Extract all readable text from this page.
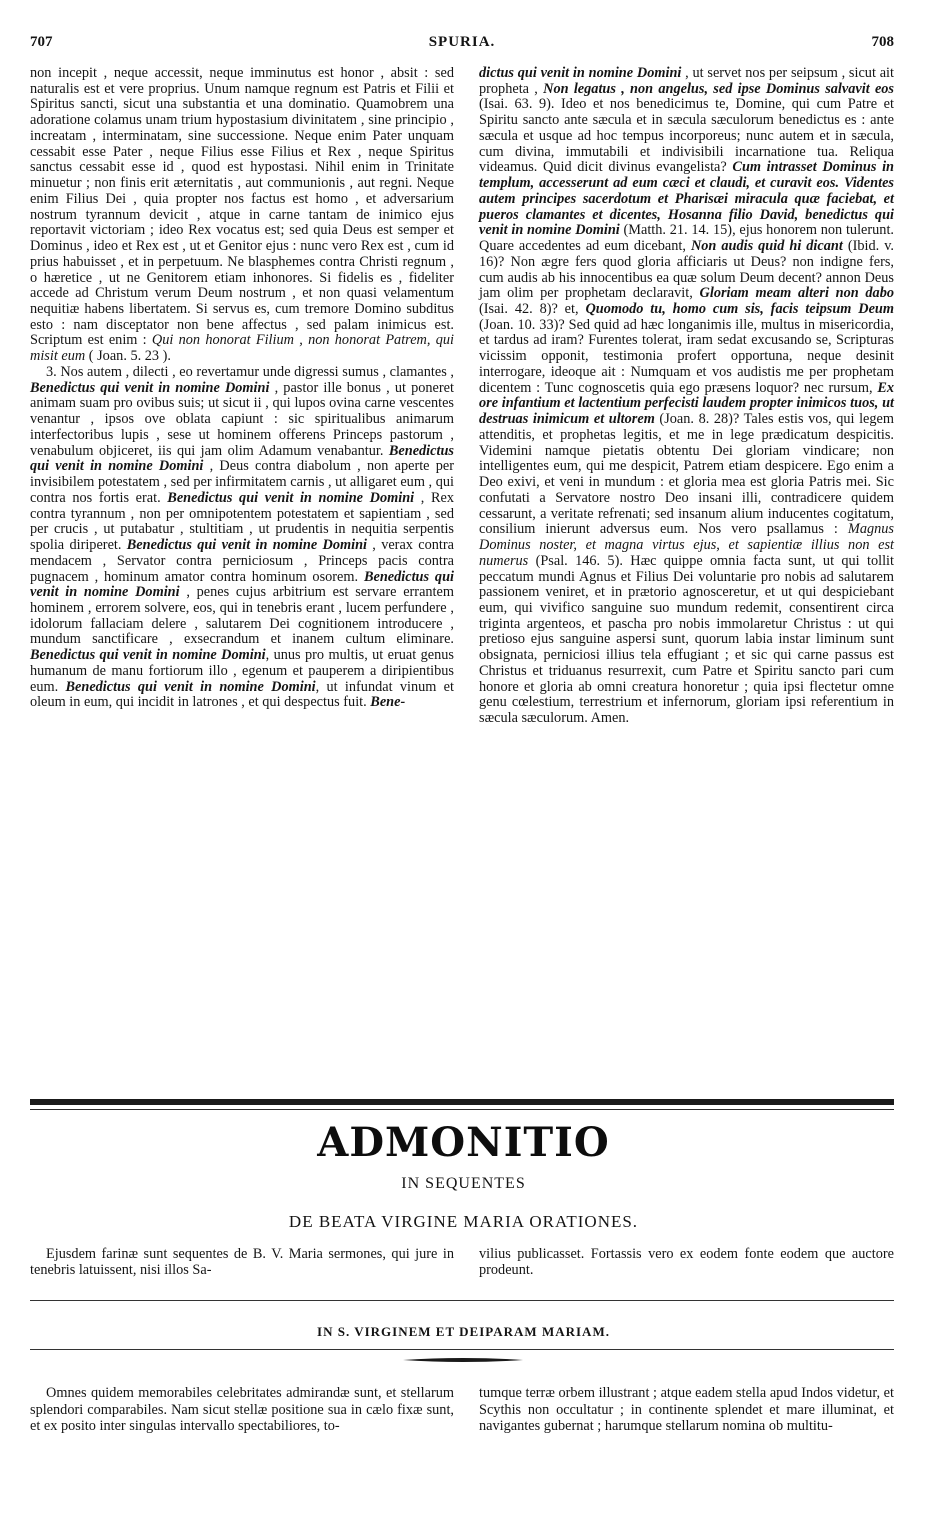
707	SPURIA.	708

non incepit , neque accessit, neque imminutus est honor , absit : sed naturalis est et vere proprius. Unum namque regnum est Patris et Filii et Spiritus sancti, sicut una substantia et una dominatio. Quamobrem una adoratione colamus unam trium hypostasium divinitatem , sine principio , increatam , interminatam, sine successione. Neque enim Pater unquam cessabit esse Pater , neque Filius esse Filius et Rex , neque Spiritus sanctus cessabit esse id , quod est hypostasi. Nihil enim in Trinitate minuetur ; non finis erit æternitatis , aut communionis , aut regni. Neque enim Filius Dei , quia propter nos factus est homo , et adversarium nostrum tyrannum devicit , atque in carne tantam de inimico ejus reportavit victoriam ; ideo Rex vocatus est; sed quia Deus est semper et Dominus , ideo et Rex est , ut et Genitor ejus : nunc vero Rex est , cum id prius habuisset , et in perpetuum. Ne blasphemes contra Christi regnum , o hæretice , ut ne Genitorem etiam inhonores. Si fidelis es , fideliter accede ad Christum verum Deum nostrum , et non quasi velamentum nequitiæ habens libertatem. Si servus es, cum tremore Domino subditus esto : nam disceptator non bene affectus , sed palam inimicus est. Scriptum est enim : Qui non honorat Filium , non honorat Patrem, qui misit eum ( Joan. 5. 23 ).

3. Nos autem , dilecti , eo revertamur unde digressi sumus , clamantes , Benedictus qui venit in nomine Domini , pastor ille bonus , ut poneret animam suam pro ovibus suis; ut sicut ii , qui lupos ovina carne vescentes venantur , ipsos ove oblata capiunt : sic spiritualibus animarum interfectoribus lupis , sese ut hominem offerens Princeps pastorum , venabulum objiceret, iis qui jam olim Adamum venabantur. Benedictus qui venit in nomine Domini , Deus contra diabolum , non aperte per invisibilem potestatem , sed per infirmitatem carnis , ut alligaret eum , qui contra nos fortis erat. Benedictus qui venit in nomine Domini , Rex contra tyrannum , non per omnipotentem potestatem et sapientiam , sed per crucis , ut putabatur , stultitiam , ut prudentis in nequitia serpentis spolia diriperet. Benedictus qui venit in nomine Domini , verax contra mendacem , Servator contra perniciosum , Princeps pacis contra pugnacem , hominum amator contra hominum osorem. Benedictus qui venit in nomine Domini , penes cujus arbitrium est servare errantem hominem , errorem solvere, eos, qui in tenebris erant , lucem perfundere , idolorum fallaciam delere , salutarem Dei cognitionem introducere , mundum sanctificare , exsecrandum et inanem cultum eliminare. Benedictus qui venit in nomine Domini, unus pro multis, ut eruat genus humanum de manu fortiorum illo , egenum et pauperem a diripientibus eum. Benedictus qui venit in nomine Domini, ut infundat vinum et oleum in eum, qui incidit in latrones , et qui despectus fuit. Bene-

dictus qui venit in nomine Domini , ut servet nos per seipsum , sicut ait propheta , Non legatus , non angelus, sed ipse Dominus salvavit eos (Isai. 63. 9). Ideo et nos benedicimus te, Domine, qui cum Patre et Spiritu sancto ante sæcula et in sæcula sæculorum benedictus es : ante sæcula et usque ad hoc tempus incorporeus; nunc autem et in sæcula, cum divina, immutabili et indivisibili incarnatione tua. Reliqua videamus. Quid dicit divinus evangelista? Cum intrasset Dominus in templum, accesserunt ad eum cæci et claudi, et curavit eos. Videntes autem principes sacerdotum et Pharisæi miracula quæ faciebat, et pueros clamantes et dicentes, Hosanna filio David, benedictus qui venit in nomine Domini (Matth. 21. 14. 15), ejus honorem non tulerunt. Quare accedentes ad eum dicebant, Non audis quid hi dicant (Ibid. v. 16)? Non ægre fers quod gloria afficiaris ut Deus? non indigne fers, cum audis ab his innocentibus ea quæ solum Deum decent? annon Deus jam olim per prophetam declaravit, Gloriam meam alteri non dabo (Isai. 42. 8)? et, Quomodo tu, homo cum sis, facis teipsum Deum (Joan. 10. 33)? Sed quid ad hæc longanimis ille, multus in misericordia, et tardus ad iram? Furentes tolerat, iram sedat excusando se, Scripturas vicissim opponit, testimonia profert opportuna, neque desinit interrogare, ideoque ait : Numquam et vos audistis me per prophetam dicentem : Tunc cognoscetis quia ego præsens loquor? nec rursum, Ex ore infantium et lactentium perfecisti laudem propter inimicos tuos, ut destruas inimicum et ultorem (Joan. 8. 28)? Tales estis vos, qui legem attenditis, et prophetas legitis, et me in lege prædicatum despicitis. Videmini namque pietatis obtentu Dei gloriam vindicare; non intelligentes eum, qui me despicit, Patrem etiam despicere. Ego enim a Deo exivi, et veni in mundum : et gloria mea est gloria Patris mei. Sic confutati a Servatore nostro Deo insani illi, contradicere quidem cessarunt, a veritate refrenati; sed insanum alium inducentes cogitatum, consilium inierunt adversus eum. Nos vero psallamus : Magnus Dominus noster, et magna virtus ejus, et sapientiæ illius non est numerus (Psal. 146. 5). Hæc quippe omnia facta sunt, ut qui tollit peccatum mundi Agnus et Filius Dei voluntarie pro nobis ad salutarem passionem veniret, et in prætorio agnosceretur, et ut qui despiciebant eum, qui vivifico sanguine suo mundum redemit, consentirent circa triginta argenteos, et pascha pro nobis immolaretur Christus : ut qui pretioso ejus sanguine aspersi sunt, quorum labia instar liminum sunt obsignata, perniciosi illius tela effugiant ; et sic qui carne passus est Christus et triduanus resurrexit, cum Patre et Spiritu sancto pari cum honore et gloria ab omni creatura honoretur ; quia ipsi flectetur omne genu cœlestium, terrestrium et infernorum, gloriam ipsi referentium in sæcula sæculorum. Amen.

ADMONITIO
IN SEQUENTES
DE BEATA VIRGINE MARIA ORATIONES.

Ejusdem farinæ sunt sequentes de B. V. Maria sermones, qui jure in tenebris latuissent, nisi illos Sa-

vilius publicasset. Fortassis vero ex eodem fonte eodem que auctore prodeunt.

IN S. VIRGINEM ET DEIPARAM MARIAM.

Omnes quidem memorabiles celebritates admirandæ sunt, et stellarum splendori comparabiles. Nam sicut stellæ positione sua in cælo fixæ sunt, et ex posito inter singulas intervallo spectabiliores, to-

tumque terræ orbem illustrant ; atque eadem stella apud Indos videtur, et Scythis non occultatur ; in continente splendet et mare illuminat, et navigantes gubernat ; harumque stellarum nomina ob multitu-
